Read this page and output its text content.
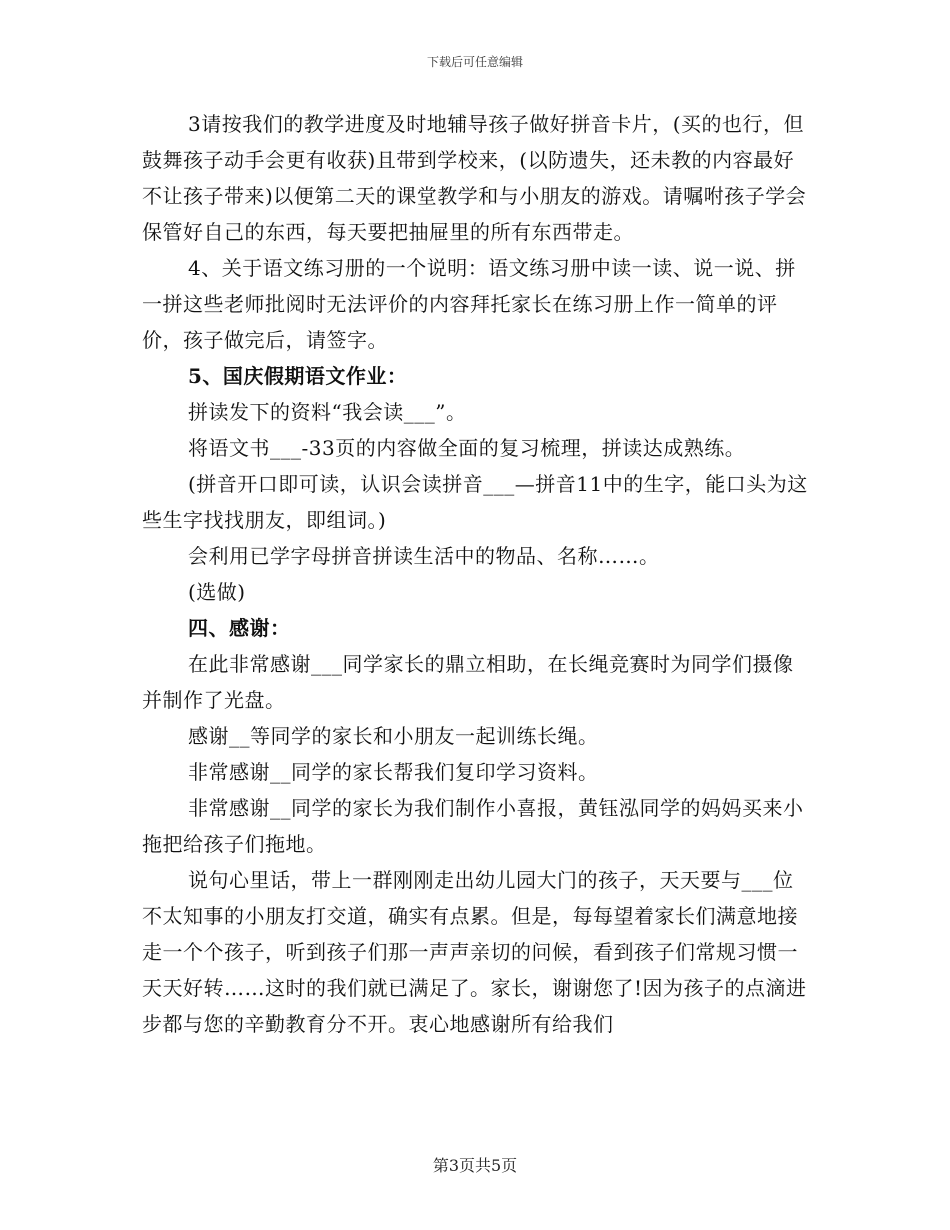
下载后可任意编辑

3请按我们的教学进度及时地辅导孩子做好拼音卡片，(买的也行，但鼓舞孩子动手会更有收获)且带到学校来，(以防遗失，还未教的内容最好不让孩子带来)以便第二天的课堂教学和与小朋友的游戏。请嘱咐孩子学会保管好自己的东西，每天要把抽屉里的所有东西带走。

4、关于语文练习册的一个说明：语文练习册中读一读、说一说、拼一拼这些老师批阅时无法评价的内容拜托家长在练习册上作一简单的评价，孩子做完后，请签字。

5、国庆假期语文作业：

拼读发下的资料“我会读___”。

将语文书___-33页的内容做全面的复习梳理，拼读达成熟练。

(拼音开口即可读，认识会读拼音___—拼音11中的生字，能口头为这些生字找找朋友，即组词。)

会利用已学字母拼音拼读生活中的物品、名称……。

(选做)

四、感谢：

在此非常感谢___同学家长的鼎立相助，在长绳竞赛时为同学们摄像并制作了光盘。

感谢__等同学的家长和小朋友一起训练长绳。

非常感谢__同学的家长帮我们复印学习资料。

非常感谢__同学的家长为我们制作小喜报，黄钰泓同学的妈妈买来小拖把给孩子们拖地。

说句心里话，带上一群刚刚走出幼儿园大门的孩子，天天要与___位不太知事的小朋友打交道，确实有点累。但是，每每望着家长们满意地接走一个个孩子，听到孩子们那一声声亲切的问候，看到孩子们常规习惯一天天好转……这时的我们就已满足了。家长，谢谢您了!因为孩子的点滴进步都与您的辛勤教育分不开。衷心地感谢所有给我们

第3页共5页
